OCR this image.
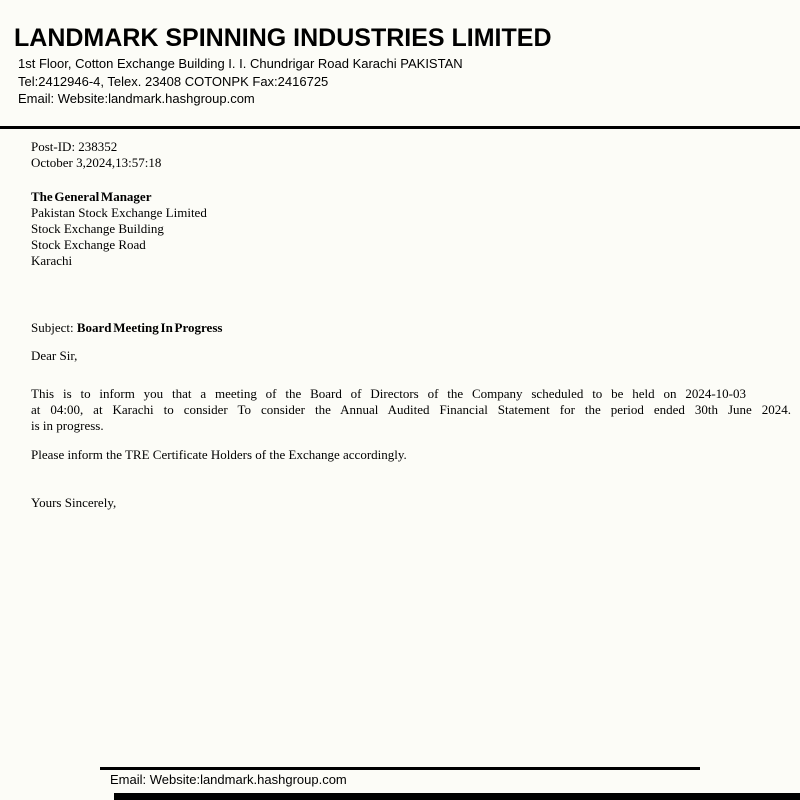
LANDMARK SPINNING INDUSTRIES LIMITED
1st Floor, Cotton Exchange Building I. I. Chundrigar Road Karachi PAKISTAN
Tel:2412946-4, Telex. 23408 COTONPK Fax:2416725
Email: Website:landmark.hashgroup.com
Post-ID: 238352
October 3,2024,13:57:18
The General Manager
Pakistan Stock Exchange Limited
Stock Exchange Building
Stock Exchange Road
Karachi
Subject: Board Meeting In Progress
Dear Sir,
This is to inform you that a meeting of the Board of Directors of the Company scheduled to be held on 2024-10-03
at 04:00, at Karachi to consider To consider the Annual Audited Financial Statement for the period ended 30th June 2024.
is in progress.
Please inform the TRE Certificate Holders of the Exchange accordingly.
Yours Sincerely,
Email: Website:landmark.hashgroup.com
